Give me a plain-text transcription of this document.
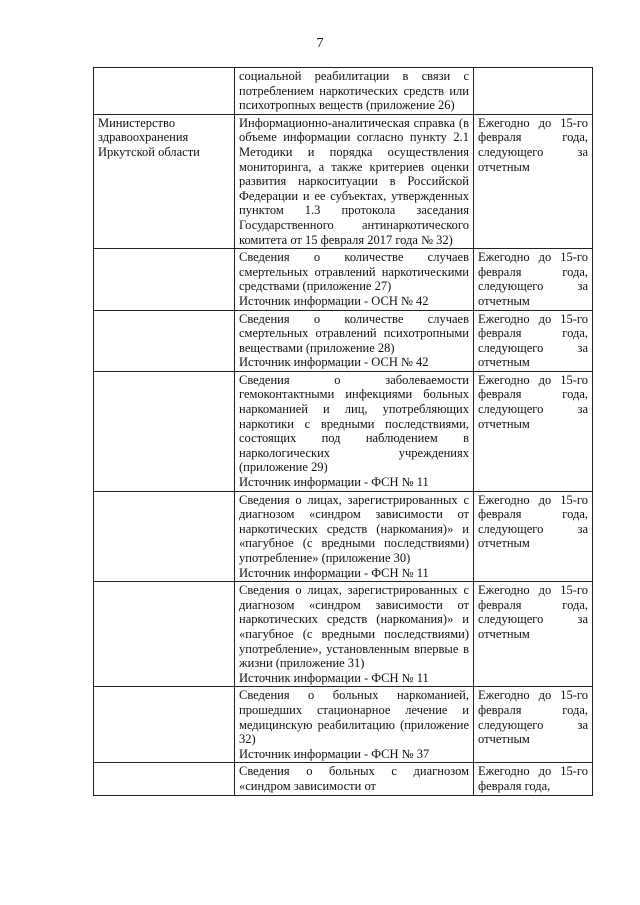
7

	социальной реабилитации в связи с потреблением наркотических средств или психотропных веществ (приложение 26)	

Министерство здравоохранения Иркутской области	Информационно-аналитическая справка (в объеме информации согласно пункту 2.1 Методики и порядка осуществления мониторинга, а также критериев оценки развития наркоситуации в Российской Федерации и ее субъектах, утвержденных пунктом 1.3 протокола заседания Государственного антинаркотического комитета от 15 февраля 2017 года № 32)	Ежегодно до 15-го февраля года, следующего за отчетным

	Сведения о количестве случаев смертельных отравлений наркотическими средствами (приложение 27)
Источник информации - ОСН № 42	Ежегодно до 15-го февраля года, следующего за отчетным

	Сведения о количестве случаев смертельных отравлений психотропными веществами (приложение 28)
Источник информации - ОСН № 42	Ежегодно до 15-го февраля года, следующего за отчетным

	Сведения о заболеваемости гемоконтактными инфекциями больных наркоманией и лиц, употребляющих наркотики с вредными последствиями, состоящих под наблюдением в наркологических учреждениях (приложение 29)
Источник информации - ФСН № 11	Ежегодно до 15-го февраля года, следующего за отчетным

	Сведения о лицах, зарегистрированных с диагнозом «синдром зависимости от наркотических средств (наркомания)» и «пагубное (с вредными последствиями) употребление» (приложение 30)
Источник информации - ФСН № 11	Ежегодно до 15-го февраля года, следующего за отчетным

	Сведения о лицах, зарегистрированных с диагнозом «синдром зависимости от наркотических средств (наркомания)» и «пагубное (с вредными последствиями) употребление», установленным впервые в жизни (приложение 31)
Источник информации - ФСН № 11	Ежегодно до 15-го февраля года, следующего за отчетным

	Сведения о больных наркоманией, прошедших стационарное лечение и медицинскую реабилитацию (приложение 32)
Источник информации - ФСН № 37	Ежегодно до 15-го февраля года, следующего за отчетным

	Сведения о больных с диагнозом «синдром зависимости от	Ежегодно до 15-го февраля года,
